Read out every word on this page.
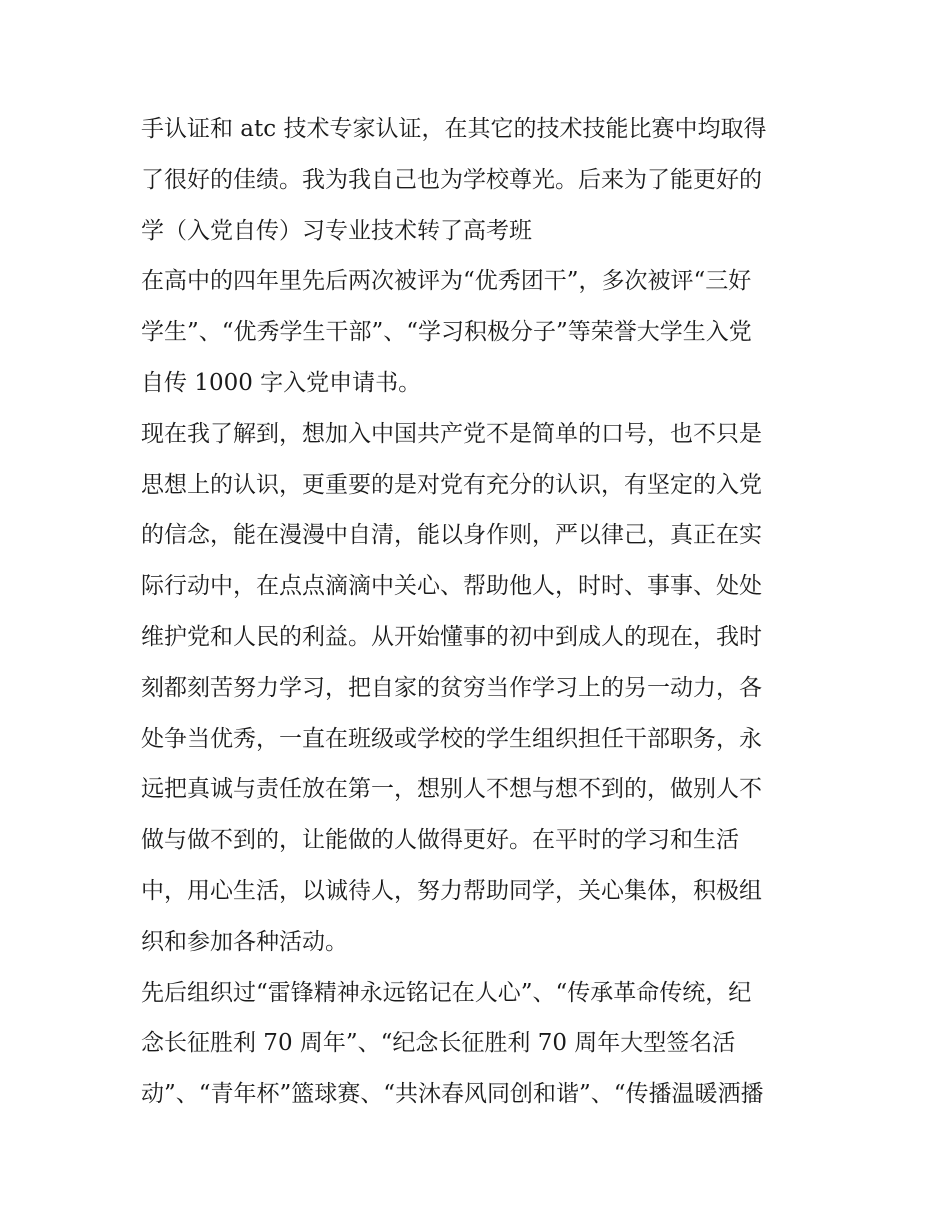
手认证和 atc 技术专家认证，在其它的技术技能比赛中均取得
了很好的佳绩。我为我自己也为学校尊光。后来为了能更好的
学（入党自传）习专业技术转了高考班
在高中的四年里先后两次被评为“优秀团干”，多次被评“三好
学生”、“优秀学生干部”、“学习积极分子”等荣誉大学生入党
自传 1000 字入党申请书。
现在我了解到，想加入中国共产党不是简单的口号，也不只是
思想上的认识，更重要的是对党有充分的认识，有坚定的入党
的信念，能在漫漫中自清，能以身作则，严以律己，真正在实
际行动中，在点点滴滴中关心、帮助他人，时时、事事、处处
维护党和人民的利益。从开始懂事的初中到成人的现在，我时
刻都刻苦努力学习，把自家的贫穷当作学习上的另一动力，各
处争当优秀，一直在班级或学校的学生组织担任干部职务，永
远把真诚与责任放在第一，想别人不想与想不到的，做别人不
做与做不到的，让能做的人做得更好。在平时的学习和生活
中，用心生活，以诚待人，努力帮助同学，关心集体，积极组
织和参加各种活动。
先后组织过“雷锋精神永远铭记在人心”、“传承革命传统，纪
念长征胜利 70 周年”、“纪念长征胜利 70 周年大型签名活
动”、“青年杯”篮球赛、“共沐春风同创和谐”、“传播温暖洒播
